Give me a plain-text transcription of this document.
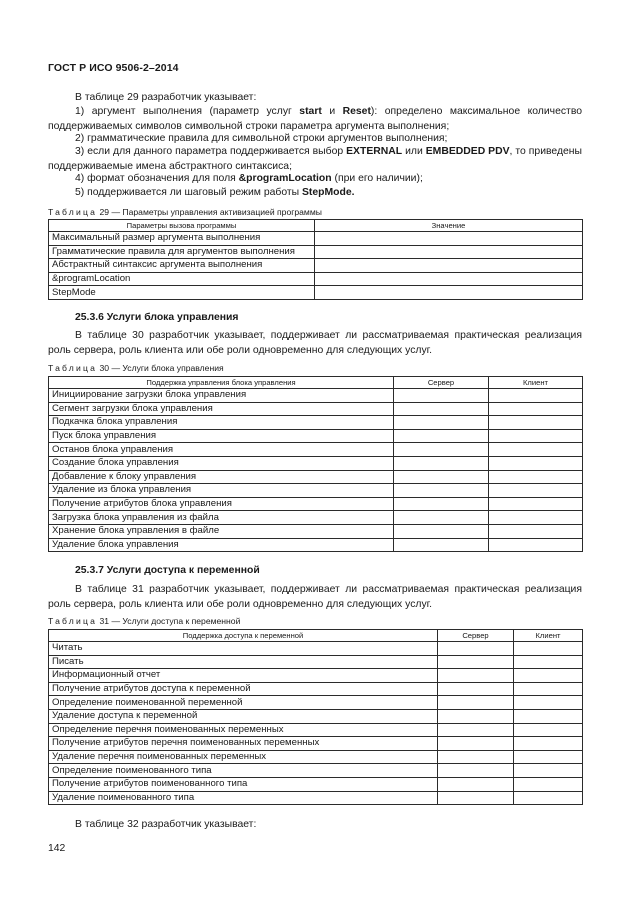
ГОСТ Р ИСО 9506-2–2014
В таблице 29 разработчик указывает:
1) аргумент выполнения (параметр услуг start и Reset): определено максимальное количество поддерживаемых символов символьной строки параметра аргумента выполнения;
2) грамматические правила для символьной строки аргументов выполнения;
3) если для данного параметра поддерживается выбор EXTERNAL или EMBEDDED PDV, то приведены поддерживаемые имена абстрактного синтаксиса;
4) формат обозначения для поля &programLocation (при его наличии);
5) поддерживается ли шаговый режим работы StepMode.
Таблица 29 — Параметры управления активизацией программы
Параметры вызова программы	Значение
Максимальный размер аргумента выполнения	
Грамматические правила для аргументов выполнения	
Абстрактный синтаксис аргумента выполнения	
&programLocation	
StepMode	
25.3.6 Услуги блока управления
В таблице 30 разработчик указывает, поддерживает ли рассматриваемая практическая реализация роль сервера, роль клиента или обе роли одновременно для следующих услуг.
Таблица 30 — Услуги блока управления
Поддержка управления блока управления	Сервер	Клиент
Инициирование загрузки блока управления		
Сегмент загрузки блока управления		
Подкачка блока управления		
Пуск блока управления		
Останов блока управления		
Создание блока управления		
Добавление к блоку управления		
Удаление из блока управления		
Получение атрибутов блока управления		
Загрузка блока управления из файла		
Хранение блока управления в файле		
Удаление блока управления		
25.3.7 Услуги доступа к переменной
В таблице 31 разработчик указывает, поддерживает ли рассматриваемая практическая реализация роль сервера, роль клиента или обе роли одновременно для следующих услуг.
Таблица 31 — Услуги доступа к переменной
Поддержка доступа к переменной	Сервер	Клиент
Читать		
Писать		
Информационный отчет		
Получение атрибутов доступа к переменной		
Определение поименованной переменной		
Удаление доступа к переменной		
Определение перечня поименованных переменных		
Получение атрибутов перечня поименованных переменных		
Удаление перечня поименованных переменных		
Определение поименованного типа		
Получение атрибутов поименованного типа		
Удаление поименованного типа		
В таблице 32 разработчик указывает:
142
